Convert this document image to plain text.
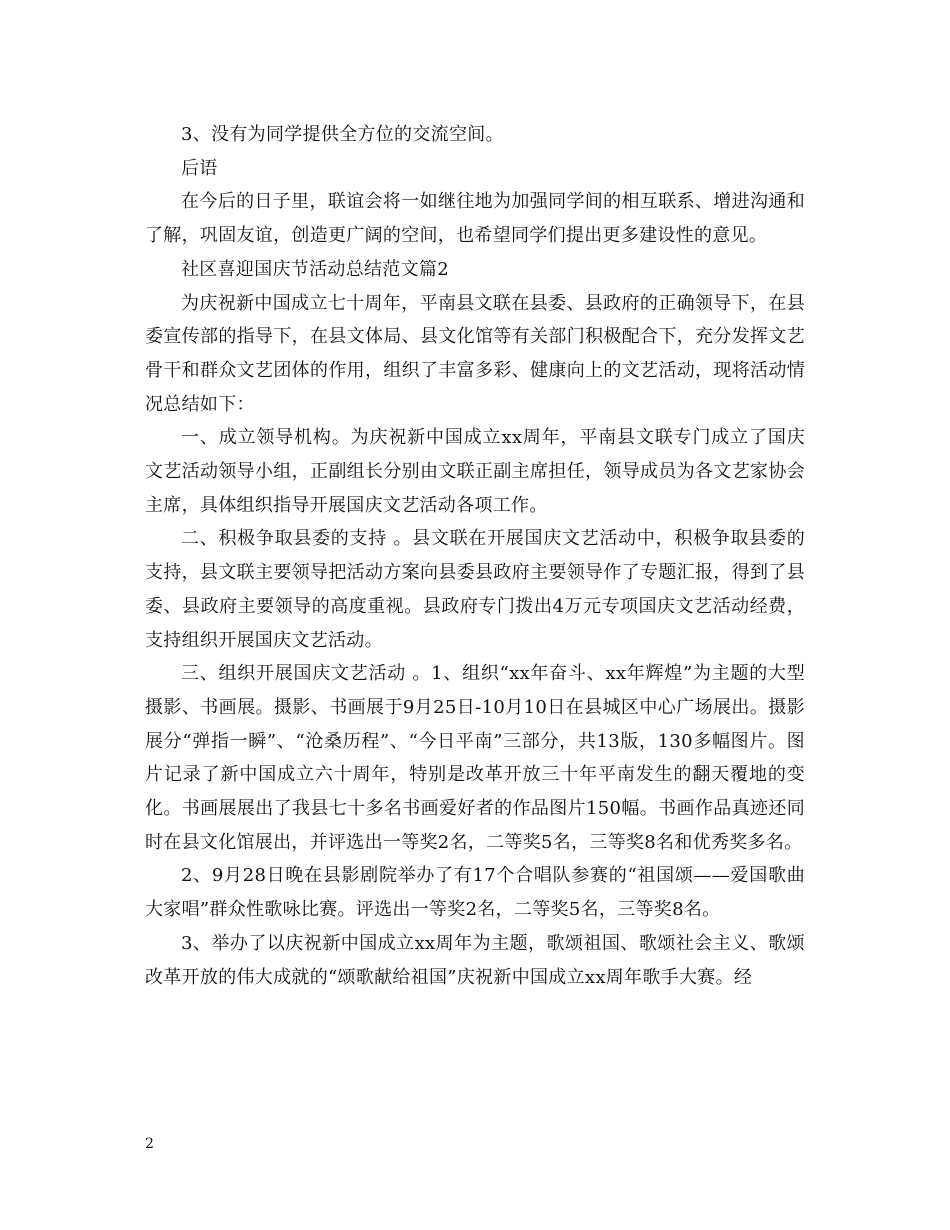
3、没有为同学提供全方位的交流空间。

后语

在今后的日子里，联谊会将一如继往地为加强同学间的相互联系、增进沟通和了解，巩固友谊，创造更广阔的空间，也希望同学们提出更多建设性的意见。

社区喜迎国庆节活动总结范文篇2

为庆祝新中国成立七十周年，平南县文联在县委、县政府的正确领导下，在县委宣传部的指导下，在县文体局、县文化馆等有关部门积极配合下，充分发挥文艺骨干和群众文艺团体的作用，组织了丰富多彩、健康向上的文艺活动，现将活动情况总结如下：

一、成立领导机构。为庆祝新中国成立xx周年，平南县文联专门成立了国庆文艺活动领导小组，正副组长分别由文联正副主席担任，领导成员为各文艺家协会主席，具体组织指导开展国庆文艺活动各项工作。

二、积极争取县委的支持 。县文联在开展国庆文艺活动中，积极争取县委的支持，县文联主要领导把活动方案向县委县政府主要领导作了专题汇报，得到了县委、县政府主要领导的高度重视。县政府专门拨出4万元专项国庆文艺活动经费，支持组织开展国庆文艺活动。

三、组织开展国庆文艺活动 。1、组织“xx年奋斗、xx年辉煌”为主题的大型摄影、书画展。摄影、书画展于9月25日-10月10日在县城区中心广场展出。摄影展分“弹指一瞬”、“沧桑历程”、“今日平南”三部分，共13版，130多幅图片。图片记录了新中国成立六十周年，特别是改革开放三十年平南发生的翻天覆地的变化。书画展展出了我县七十多名书画爱好者的作品图片150幅。书画作品真迹还同时在县文化馆展出，并评选出一等奖2名，二等奖5名，三等奖8名和优秀奖多名。

2、9月28日晚在县影剧院举办了有17个合唱队参赛的“祖国颂——爱国歌曲大家唱”群众性歌咏比赛。评选出一等奖2名，二等奖5名，三等奖8名。

3、举办了以庆祝新中国成立xx周年为主题，歌颂祖国、歌颂社会主义、歌颂改革开放的伟大成就的“颂歌献给祖国”庆祝新中国成立xx周年歌手大赛。经

2
